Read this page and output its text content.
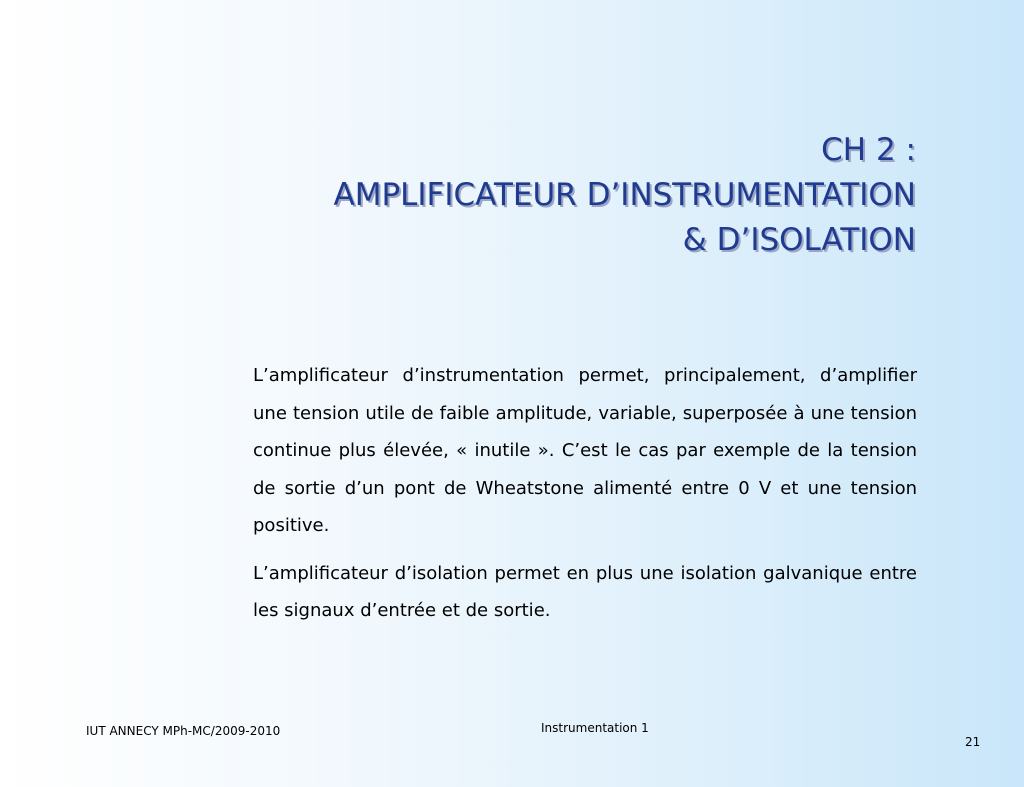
CH 2 :
AMPLIFICATEUR D’INSTRUMENTATION
& D’ISOLATION

L’amplificateur d’instrumentation permet, principalement, d’amplifier une tension utile de faible amplitude, variable, superposée à une tension continue plus élevée, « inutile ». C’est le cas par exemple de la tension de sortie d’un pont de Wheatstone alimenté entre 0 V et une tension positive.

L’amplificateur d’isolation permet en plus une isolation galvanique entre les signaux d’entrée et de sortie.

IUT ANNECY MPh-MC/2009-2010	Instrumentation 1
21
